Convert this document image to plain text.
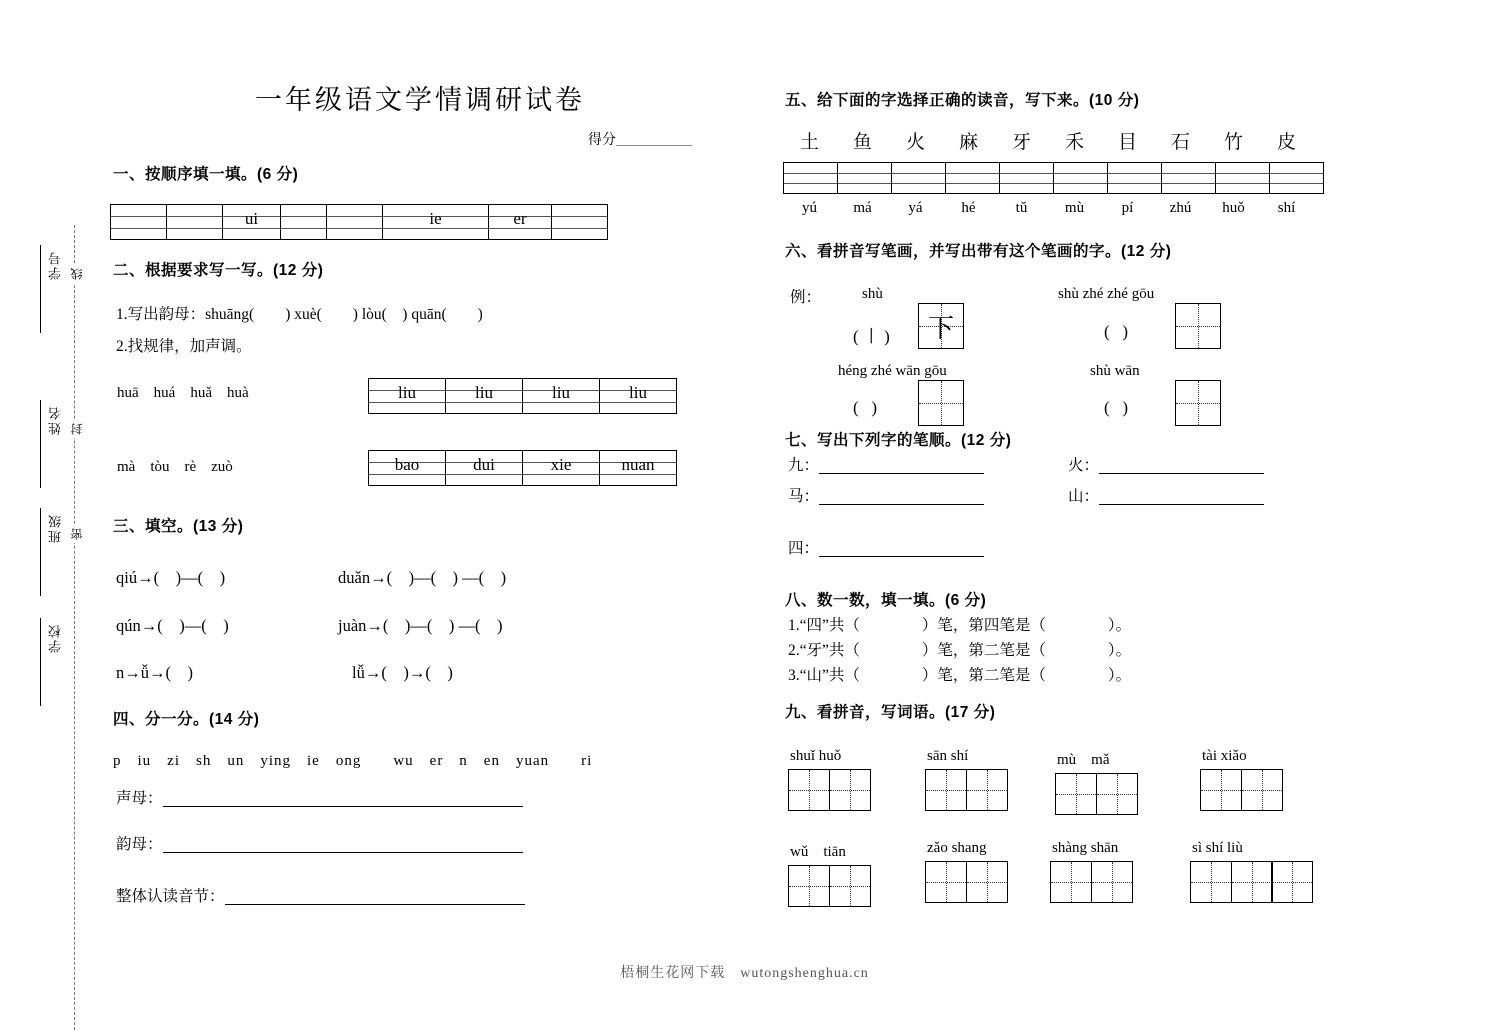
学号
姓名
班级
学校
线
封
密
一年级语文学情调研试卷
得分
一、按顺序填一填。(6 分)

ui			ie	er

二、根据要求写一写。(12 分)
1.写出韵母：shuāng(　　) xuè(　　) lòu(　) quān(　　)
2.找规律，加声调。
huā　huá　huǎ　huà	liu	liu	liu	liu
mà　tòu　rè　zuò	bao	dui	xie	nuan
三、填空。(13 分)
qiú→(　)—(　)	duǎn→(　)—(　) —(　)
qún→(　)—(　)	juàn→(　)—(　) —(　)
n→ǚ→(　)	lǚ→(　)→(　)
四、分一分。(14 分)
p　iu　zi　sh　un　ying　ie　ong　　wu　er　n　en　yuan　　ri
声母：
韵母：
整体认读音节：
五、给下面的字选择正确的读音，写下来。(10 分)
土	鱼	火	麻	牙	禾	目	石	竹	皮

yú	má	yá	hé	tǔ	mù	pí	zhú	huǒ	shí
六、看拼音写笔画，并写出带有这个笔画的字。(12 分)
例：	shù
( 丨 )	下
shù zhé zhé gōu
(   )
héng zhé wān gōu
(   )
shù wān
(   )
七、写出下列字的笔顺。(12 分)
九：	火：
马：	山：
四：
八、数一数，填一填。(6 分)
1.“四”共（　　　　）笔，第四笔是（　　　　）。
2.“牙”共（　　　　）笔，第二笔是（　　　　）。
3.“山”共（　　　　）笔，第二笔是（　　　　）。
九、看拼音，写词语。(17 分)
shuǐ huǒ	sān shí	mù　mǎ	tài xiǎo
wǔ　tiān	zǎo shang	shàng shān	sì shí liù
梧桐生花网下载　wutongshenghua.cn
